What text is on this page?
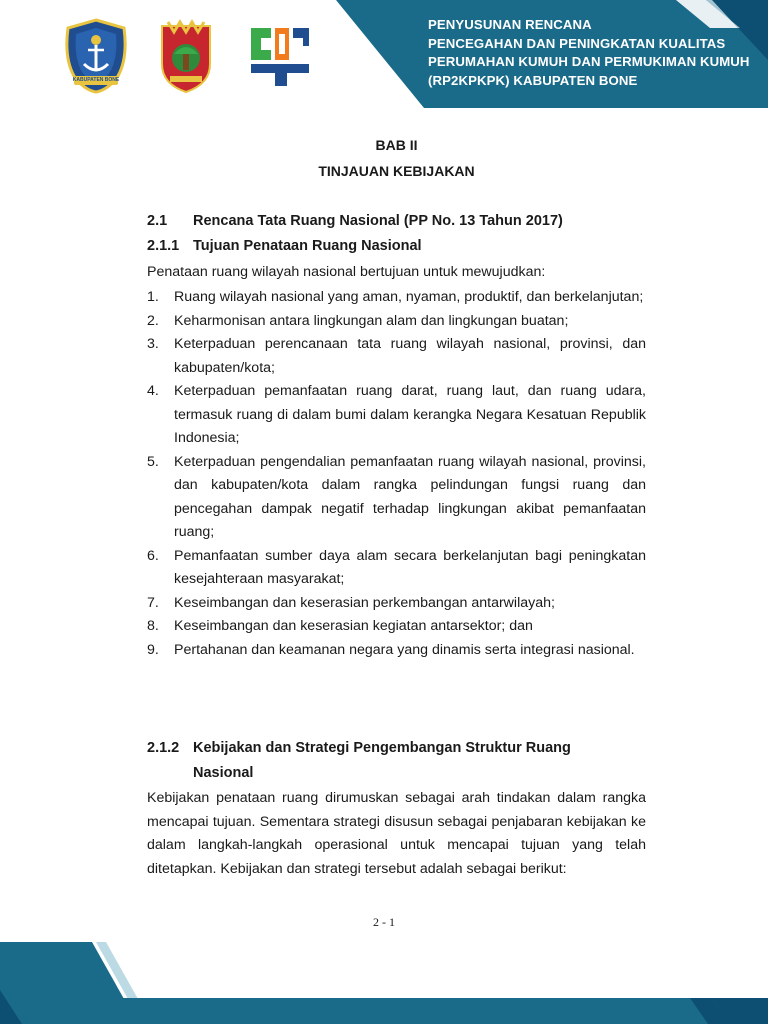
KABUPATEN BONE
PENYUSUNAN RENCANA
PENCEGAHAN DAN PENINGKATAN KUALITAS
PERUMAHAN KUMUH DAN PERMUKIMAN KUMUH
(RP2KPKPK) KABUPATEN BONE
BAB II
TINJAUAN KEBIJAKAN
2.1 Rencana Tata Ruang Nasional (PP No. 13 Tahun 2017)
2.1.1 Tujuan Penataan Ruang Nasional
Penataan ruang wilayah nasional bertujuan untuk mewujudkan:
1. Ruang wilayah nasional yang aman, nyaman, produktif, dan berkelanjutan;
2. Keharmonisan antara lingkungan alam dan lingkungan buatan;
3. Keterpaduan perencanaan tata ruang wilayah nasional, provinsi, dan kabupaten/kota;
4. Keterpaduan pemanfaatan ruang darat, ruang laut, dan ruang udara, termasuk ruang di dalam bumi dalam kerangka Negara Kesatuan Republik Indonesia;
5. Keterpaduan pengendalian pemanfaatan ruang wilayah nasional, provinsi, dan kabupaten/kota dalam rangka pelindungan fungsi ruang dan pencegahan dampak negatif terhadap lingkungan akibat pemanfaatan ruang;
6. Pemanfaatan sumber daya alam secara berkelanjutan bagi peningkatan kesejahteraan masyarakat;
7. Keseimbangan dan keserasian perkembangan antarwilayah;
8. Keseimbangan dan keserasian kegiatan antarsektor; dan
9. Pertahanan dan keamanan negara yang dinamis serta integrasi nasional.
2.1.2 Kebijakan dan Strategi Pengembangan Struktur Ruang
Nasional
Kebijakan penataan ruang dirumuskan sebagai arah tindakan dalam rangka mencapai tujuan. Sementara strategi disusun sebagai penjabaran kebijakan ke dalam langkah-langkah operasional untuk mencapai tujuan yang telah ditetapkan. Kebijakan dan strategi tersebut adalah sebagai berikut:
2 - 1
